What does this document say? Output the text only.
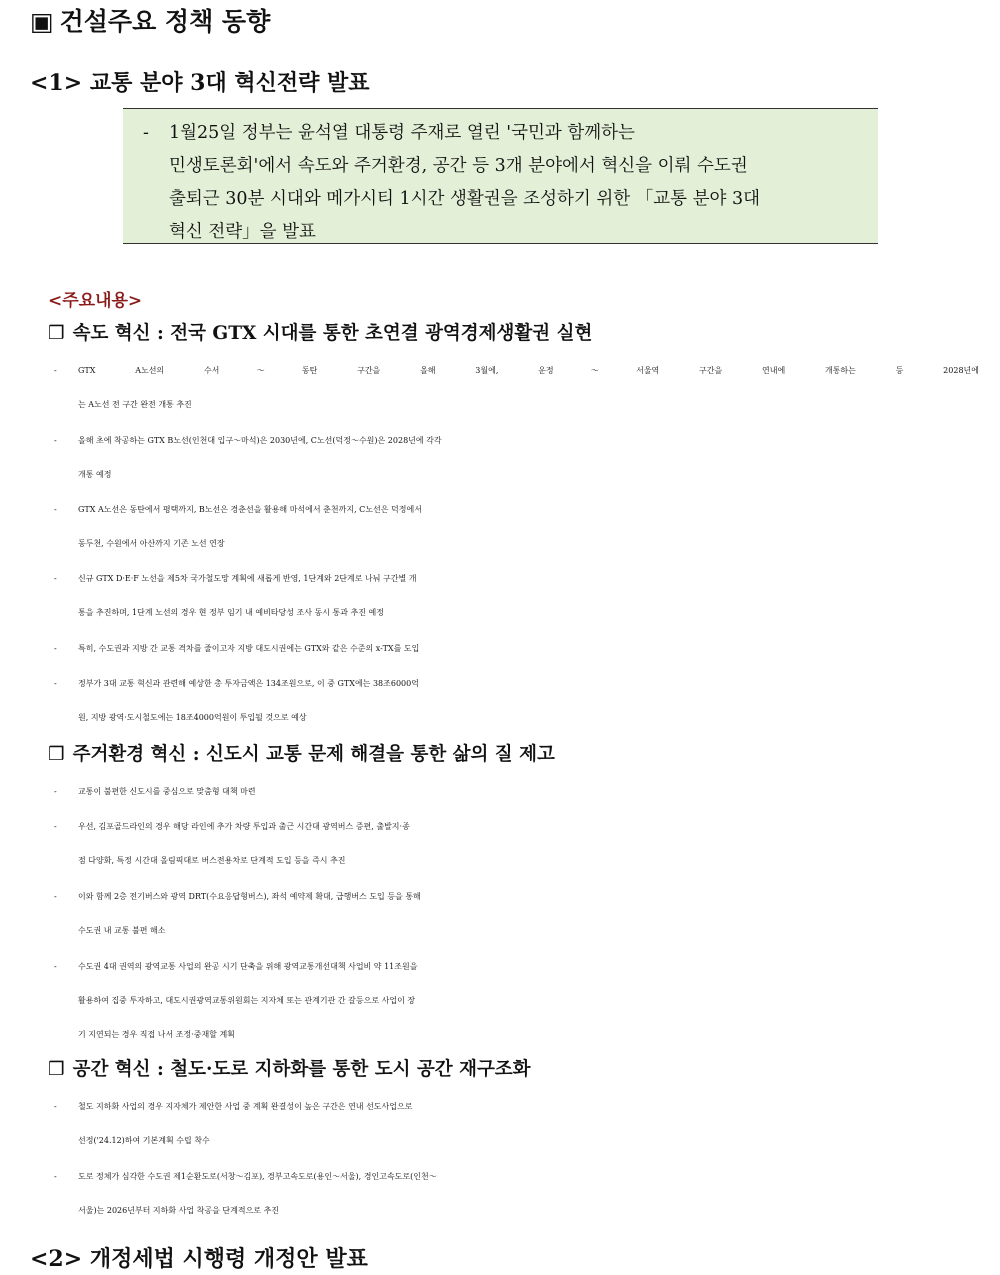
▣ 건설주요 정책 동향
<1> 교통 분야 3대 혁신전략 발표
- 1월25일 정부는 윤석열 대통령 주재로 열린 '국민과 함께하는
민생토론회'에서 속도와 주거환경, 공간 등 3개 분야에서 혁신을 이뤄 수도권
출퇴근 30분 시대와 메가시티 1시간 생활권을 조성하기 위한 「교통 분야 3대
혁신 전략」을 발표
<주요내용>
❒ 속도 혁신 : 전국 GTX 시대를 통한 초연결 광역경제생활권 실현
-	GTX A노선의 수서～동탄 구간을 올해 3월에, 운정～서울역 구간을 연내에 개통하는 등 2028년에
는 A노선 전 구간 완전 개통 추진
-	올해 초에 착공하는 GTX B노선(인천대 입구～마석)은 2030년에, C노선(덕정～수원)은 2028년에 각각
개통 예정
-	GTX A노선은 동탄에서 평택까지, B노선은 경춘선을 활용해 마석에서 춘천까지, C노선은 덕정에서
동두천, 수원에서 아산까지 기존 노선 연장
-	신규 GTX D·E·F 노선을 제5차 국가철도망 계획에 새롭게 반영, 1단계와 2단계로 나눠 구간별 개
통을 추진하며, 1단계 노선의 경우 현 정부 임기 내 예비타당성 조사 동시 통과 추진 예정
-	특히, 수도권과 지방 간 교통 격차를 줄이고자 지방 대도시권에는 GTX와 같은 수준의 x-TX를 도입
-	정부가 3대 교통 혁신과 관련해 예상한 총 투자금액은 134조원으로, 이 중 GTX에는 38조6000억
원, 지방 광역·도시철도에는 18조4000억원이 투입될 것으로 예상
❒ 주거환경 혁신 : 신도시 교통 문제 해결을 통한 삶의 질 제고
-	교통이 불편한 신도시를 중심으로 맞춤형 대책 마련
-	우선, 김포골드라인의 경우 해당 라인에 추가 차량 투입과 출근 시간대 광역버스 증편, 출발지·종
점 다양화, 특정 시간대 올림픽대로 버스전용차로 단계적 도입 등을 즉시 추진
-	이와 함께 2층 전기버스와 광역 DRT(수요응답형버스), 좌석 예약제 확대, 급행버스 도입 등을 통해
수도권 내 교통 불편 해소
-	수도권 4대 권역의 광역교통 사업의 완공 시기 단축을 위해 광역교통개선대책 사업비 약 11조원을
활용하여 집중 투자하고, 대도시권광역교통위원회는 지자체 또는 관계기관 간 갈등으로 사업이 장
기 지연되는 경우 직접 나서 조정·중재할 계획
❒ 공간 혁신 : 철도·도로 지하화를 통한 도시 공간 재구조화
-	철도 지하화 사업의 경우 지자체가 제안한 사업 중 계획 완결성이 높은 구간은 연내 선도사업으로
선정('24.12)하여 기본계획 수립 착수
-	도로 정체가 심각한 수도권 제1순환도로(서창～김포), 경부고속도로(용인～서울), 경인고속도로(인천～
서울)는 2026년부터 지하화 사업 착공을 단계적으로 추진
<2> 개정세법 시행령 개정안 발표
